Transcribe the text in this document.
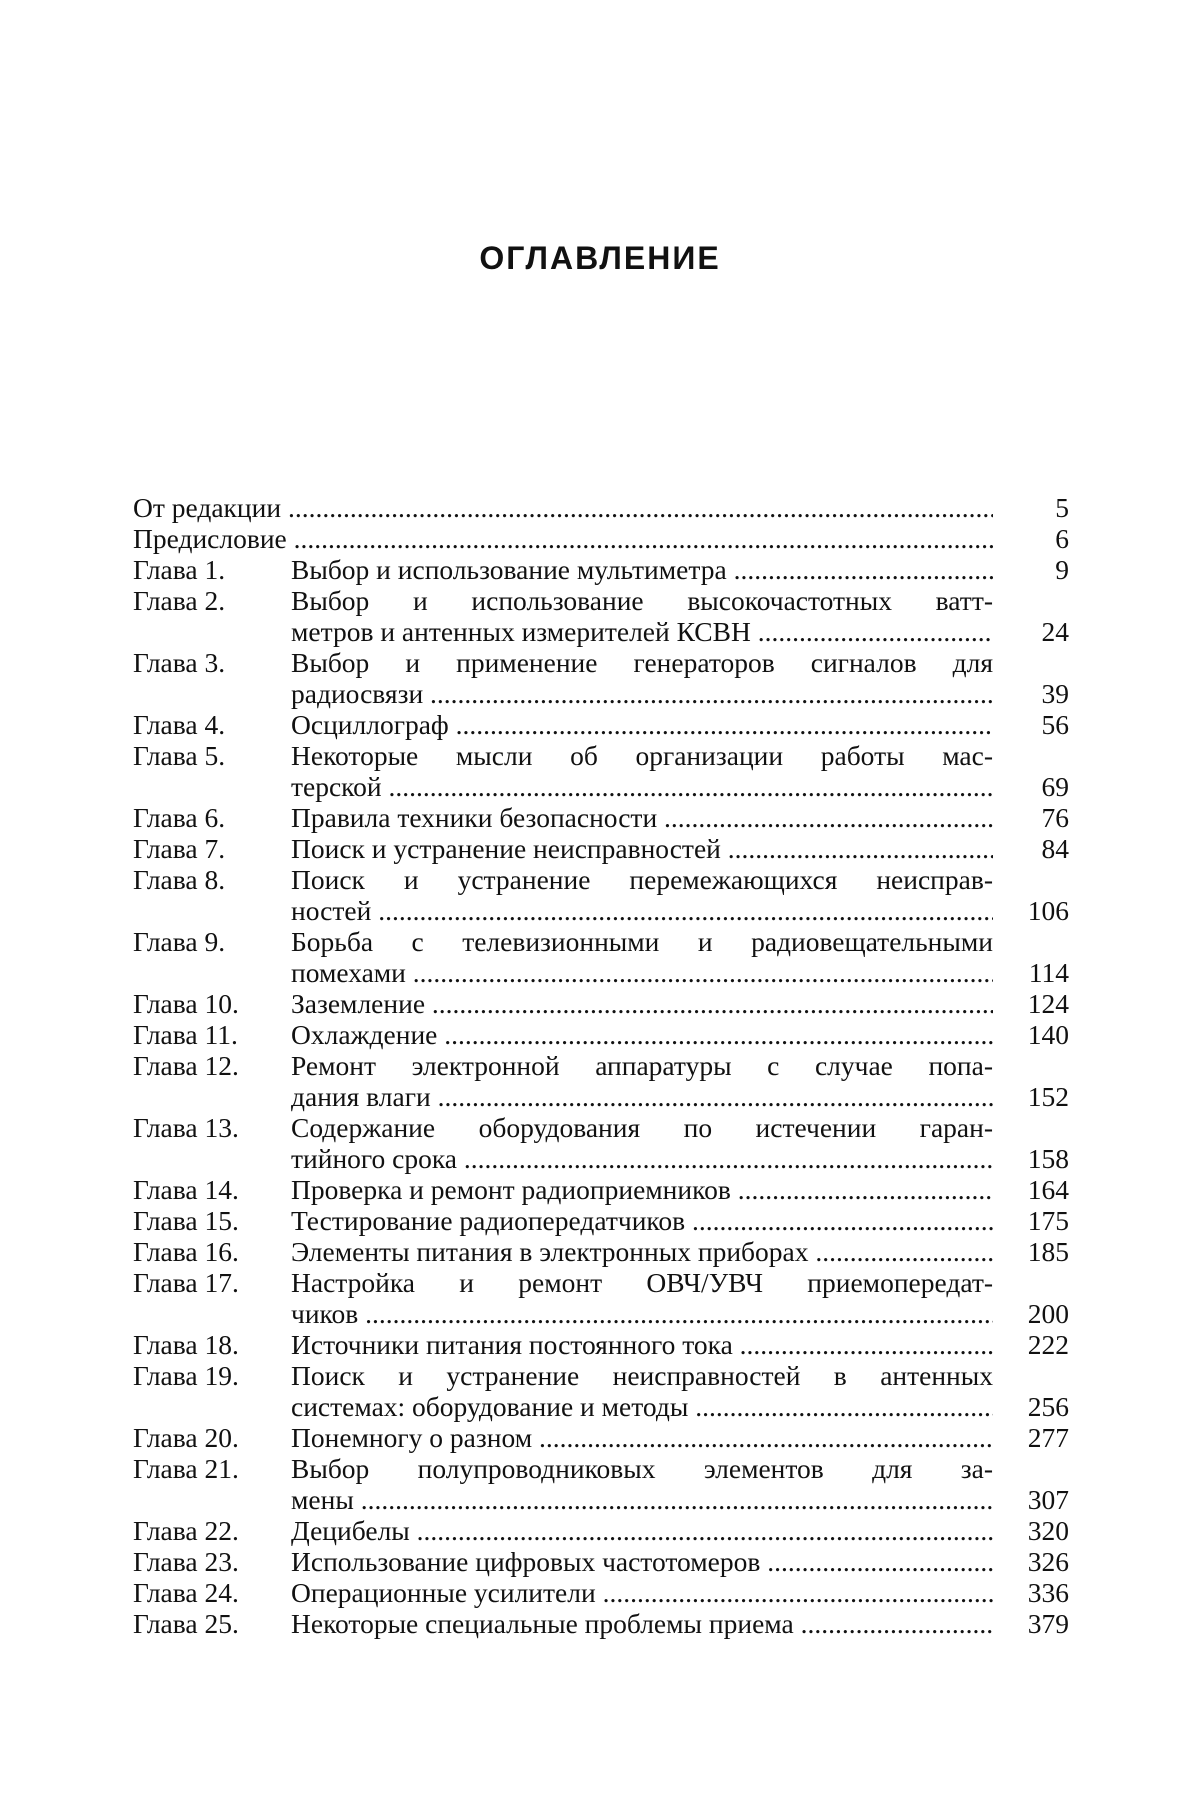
ОГЛАВЛЕНИЕ
От редакции .....	5
Предисловие .....	6
Глава 1. Выбор и использование мультиметра .....	9
Глава 2. Выбор и использование высокочастотных ватт-
метров и антенных измерителей КСВН .....	24
Глава 3. Выбор и применение генераторов сигналов для
радиосвязи .....	39
Глава 4. Осциллограф .....	56
Глава 5. Некоторые мысли об организации работы мас-
терской .....	69
Глава 6. Правила техники безопасности .....	76
Глава 7. Поиск и устранение неисправностей .....	84
Глава 8. Поиск и устранение перемежающихся неиспрaв-
ностей .....	106
Глава 9. Борьба с телевизионными и радиовещательными
помехами .....	114
Глава 10. Заземление .....	124
Глава 11. Охлаждение .....	140
Глава 12. Ремонт электронной аппаратуры с случае попа-
дания влаги .....	152
Глава 13. Содержание оборудования по истечении гаран-
тийного срока .....	158
Глава 14. Проверка и ремонт радиоприемников .....	164
Глава 15. Тестирование радиопередатчиков .....	175
Глава 16. Элементы питания в электронных приборах .....	185
Глава 17. Настройка и ремонт ОВЧ/УВЧ приемопередат-
чиков .....	200
Глава 18. Источники питания постоянного тока .....	222
Глава 19. Поиск и устранение неисправностей в антенных
системах: оборудование и методы .....	256
Глава 20. Понемногу о разном .....	277
Глава 21. Выбор полупроводниковых элементов для за-
мены .....	307
Глава 22. Децибелы .....	320
Глава 23. Использование цифровых частотомеров .....	326
Глава 24. Операционные усилители .....	336
Глава 25. Некоторые специальные проблемы приема .....	379
